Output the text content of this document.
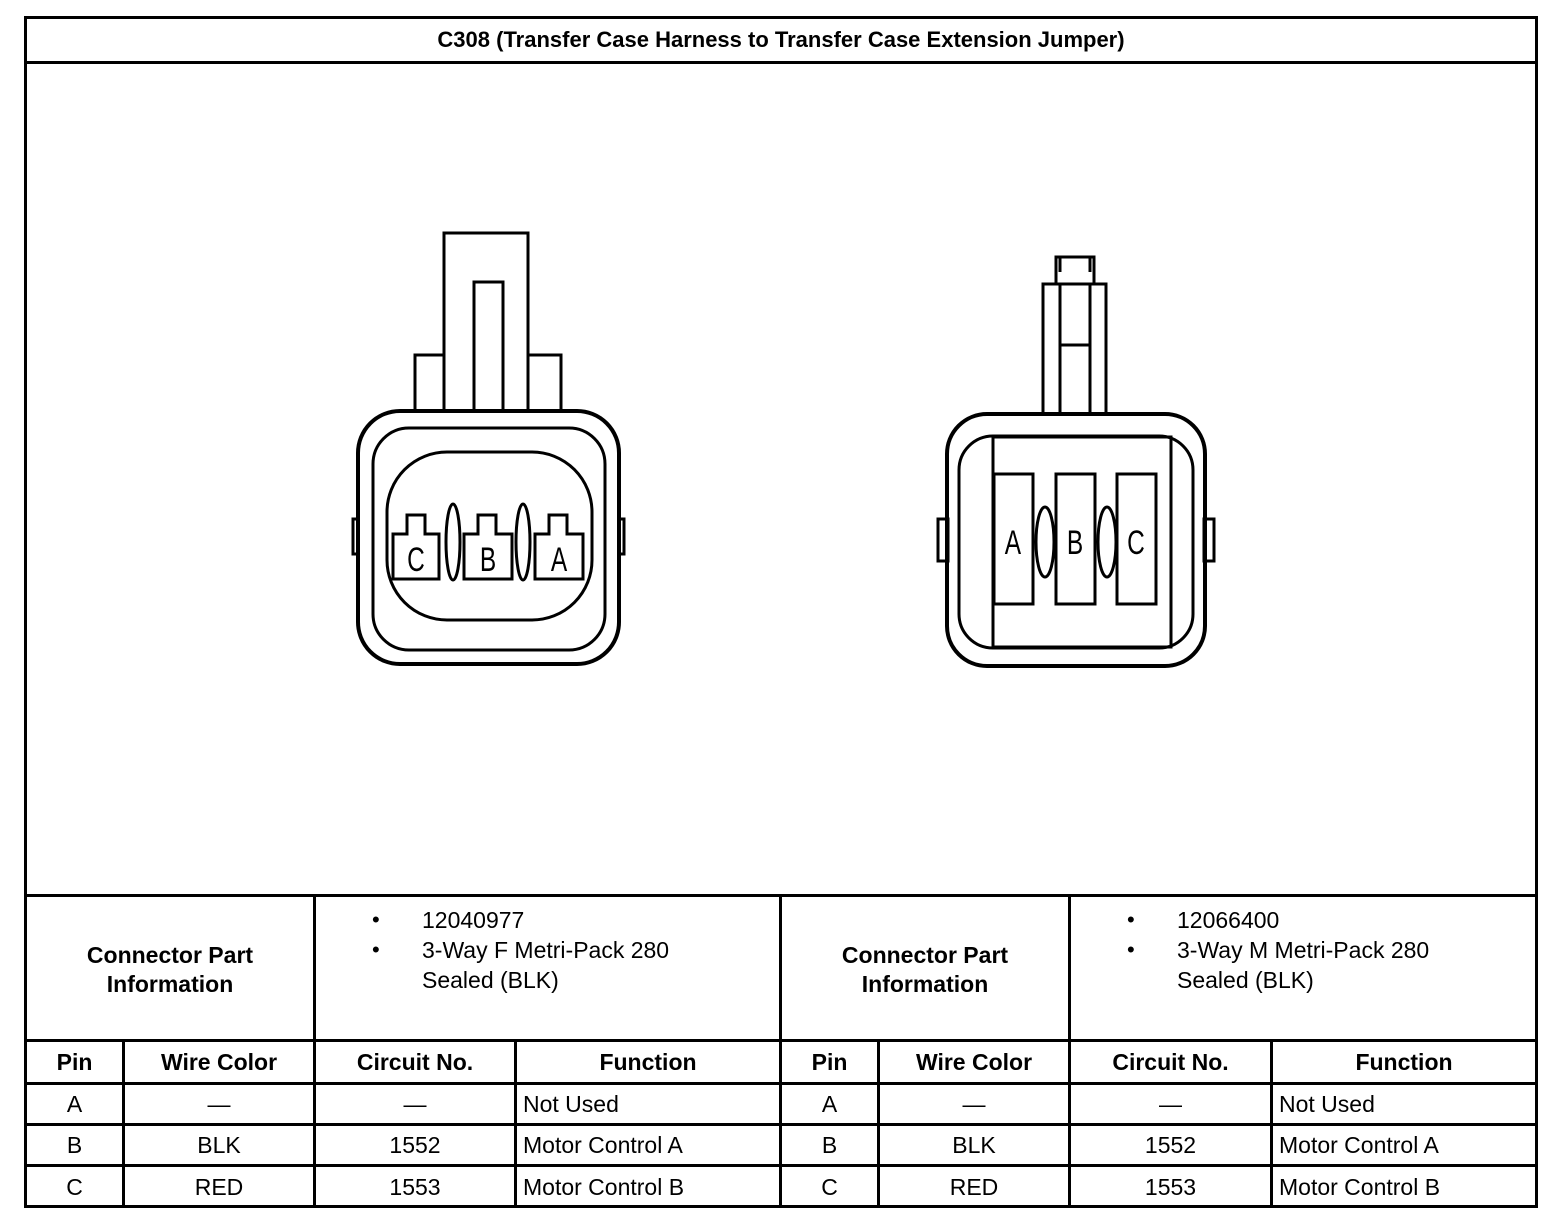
C308 (Transfer Case Harness to Transfer Case Extension Jumper)
C B A	A B C
Connector Part Information
• 12040977
• 3-Way F Metri-Pack 280 Sealed (BLK)
Connector Part Information
• 12066400
• 3-Way M Metri-Pack 280 Sealed (BLK)
Pin	Wire Color	Circuit No.	Function	Pin	Wire Color	Circuit No.	Function
A	—	—	Not Used	A	—	—	Not Used
B	BLK	1552	Motor Control A	B	BLK	1552	Motor Control A
C	RED	1553	Motor Control B	C	RED	1553	Motor Control B
